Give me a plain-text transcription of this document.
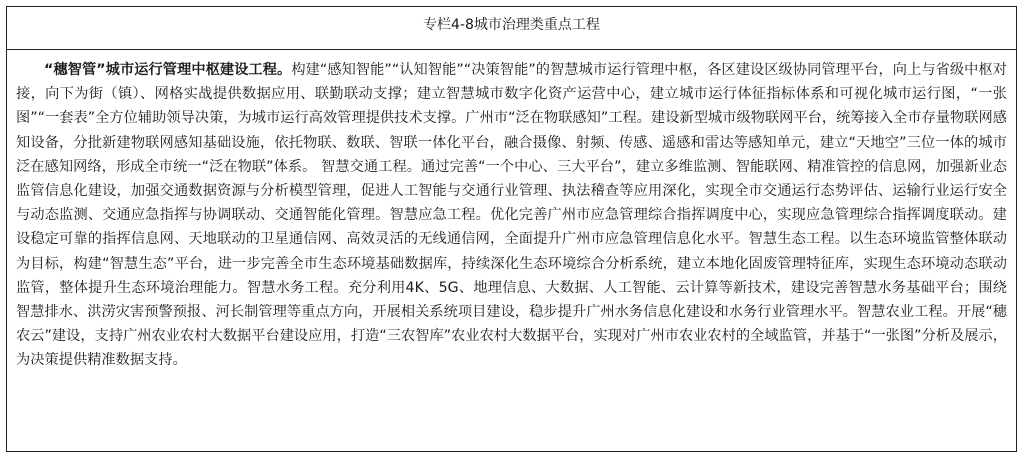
专栏4-8城市治理类重点工程
“穗智管”城市运行管理中枢建设工程。构建“感知智能”“认知智能”“决策智能”的智慧城市运行管理中枢，各区建设区级协同管理平台，向上与省级中枢对接，向下为街（镇）、网格实战提供数据应用、联勤联动支撑；建立智慧城市数字化资产运营中心，建立城市运行体征指标体系和可视化城市运行图，“一张图”“一套表”全方位辅助领导决策，为城市运行高效管理提供技术支撑。广州市“泛在物联感知”工程。建设新型城市级物联网平台，统筹接入全市存量物联网感知设备，分批新建物联网感知基础设施，依托物联、数联、智联一体化平台，融合摄像、射频、传感、遥感和雷达等感知单元，建立“天地空”三位一体的城市泛在感知网络，形成全市统一“泛在物联”体系。 智慧交通工程。通过完善“一个中心、三大平台”，建立多维监测、智能联网、精准管控的信息网，加强新业态监管信息化建设，加强交通数据资源与分析模型管理，促进人工智能与交通行业管理、执法稽查等应用深化，实现全市交通运行态势评估、运输行业运行安全与动态监测、交通应急指挥与协调联动、交通智能化管理。智慧应急工程。优化完善广州市应急管理综合指挥调度中心，实现应急管理综合指挥调度联动。建设稳定可靠的指挥信息网、天地联动的卫星通信网、高效灵活的无线通信网，全面提升广州市应急管理信息化水平。智慧生态工程。以生态环境监管整体联动为目标，构建“智慧生态”平台，进一步完善全市生态环境基础数据库，持续深化生态环境综合分析系统，建立本地化固废管理特征库，实现生态环境动态联动监管，整体提升生态环境治理能力。智慧水务工程。充分利用4K、5G、地理信息、大数据、人工智能、云计算等新技术，建设完善智慧水务基础平台；围绕智慧排水、洪涝灾害预警预报、河长制管理等重点方向，开展相关系统项目建设，稳步提升广州水务信息化建设和水务行业管理水平。智慧农业工程。开展“穗农云”建设，支持广州农业农村大数据平台建设应用，打造“三农智库”农业农村大数据平台，实现对广州市农业农村的全域监管，并基于“一张图”分析及展示，为决策提供精准数据支持。
